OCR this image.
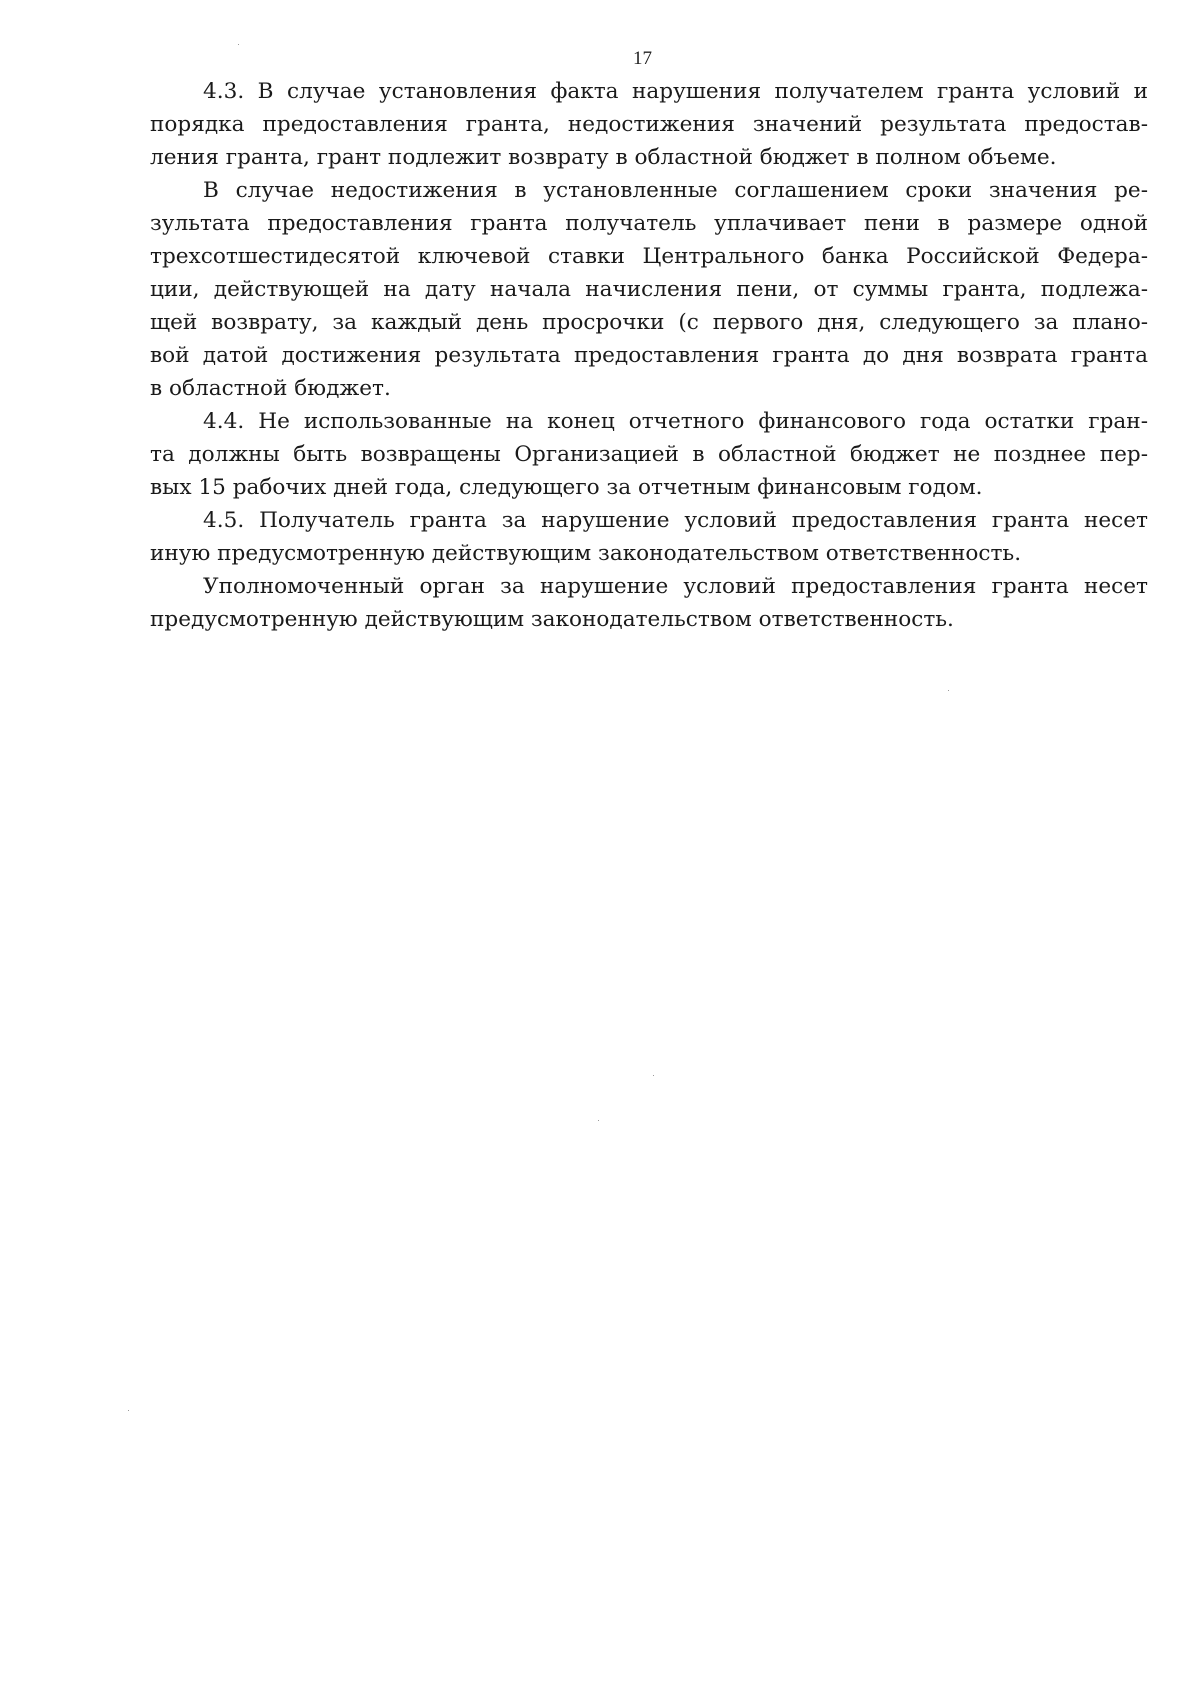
17

4.3. В случае установления факта нарушения получателем гранта условий и
порядка предоставления гранта, недостижения значений результата предостав-
ления гранта, грант подлежит возврату в областной бюджет в полном объеме.

В случае недостижения в установленные соглашением сроки значения ре-
зультата предоставления гранта получатель уплачивает пени в размере одной
трехсотшестидесятой ключевой ставки Центрального банка Российской Федера-
ции, действующей на дату начала начисления пени, от суммы гранта, подлежа-
щей возврату, за каждый день просрочки (с первого дня, следующего за плано-
вой датой достижения результата предоставления гранта до дня возврата гранта
в областной бюджет.

4.4. Не использованные на конец отчетного финансового года остатки гран-
та должны быть возвращены Организацией в областной бюджет не позднее пер-
вых 15 рабочих дней года, следующего за отчетным финансовым годом.

4.5. Получатель гранта за нарушение условий предоставления гранта несет
иную предусмотренную действующим законодательством ответственность.

Уполномоченный орган за нарушение условий предоставления гранта несет
предусмотренную действующим законодательством ответственность.
